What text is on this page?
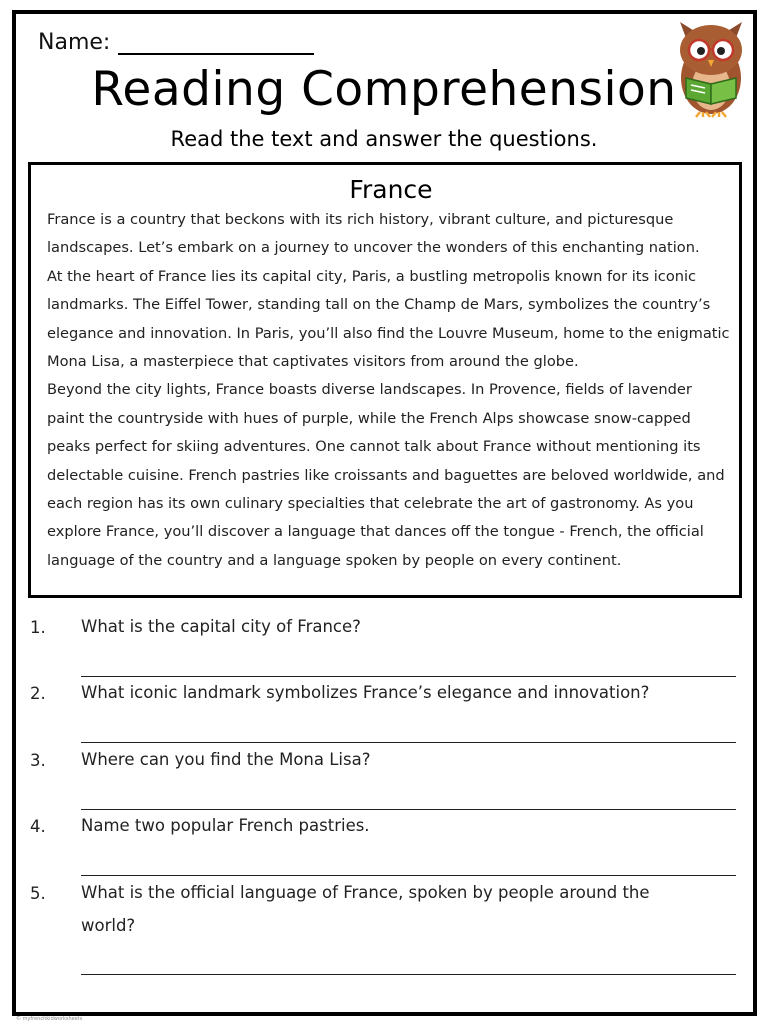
Name:
Reading Comprehension
Read the text and answer the questions.
France
France is a country that beckons with its rich history, vibrant culture, and picturesque
landscapes. Let’s embark on a journey to uncover the wonders of this enchanting nation.
At the heart of France lies its capital city, Paris, a bustling metropolis known for its iconic
landmarks. The Eiffel Tower, standing tall on the Champ de Mars, symbolizes the country’s
elegance and innovation. In Paris, you’ll also find the Louvre Museum, home to the enigmatic
Mona Lisa, a masterpiece that captivates visitors from around the globe.
Beyond the city lights, France boasts diverse landscapes. In Provence, fields of lavender
paint the countryside with hues of purple, while the French Alps showcase snow-capped
peaks perfect for skiing adventures. One cannot talk about France without mentioning its
delectable cuisine. French pastries like croissants and baguettes are beloved worldwide, and
each region has its own culinary specialties that celebrate the art of gastronomy. As you
explore France, you’ll discover a language that dances off the tongue - French, the official
language of the country and a language spoken by people on every continent.
1.	What is the capital city of France?
2.	What iconic landmark symbolizes France’s elegance and innovation?
3.	Where can you find the Mona Lisa?
4.	Name two popular French pastries.
5.	What is the official language of France, spoken by people around the world?
© myfrenchkidworksheets
